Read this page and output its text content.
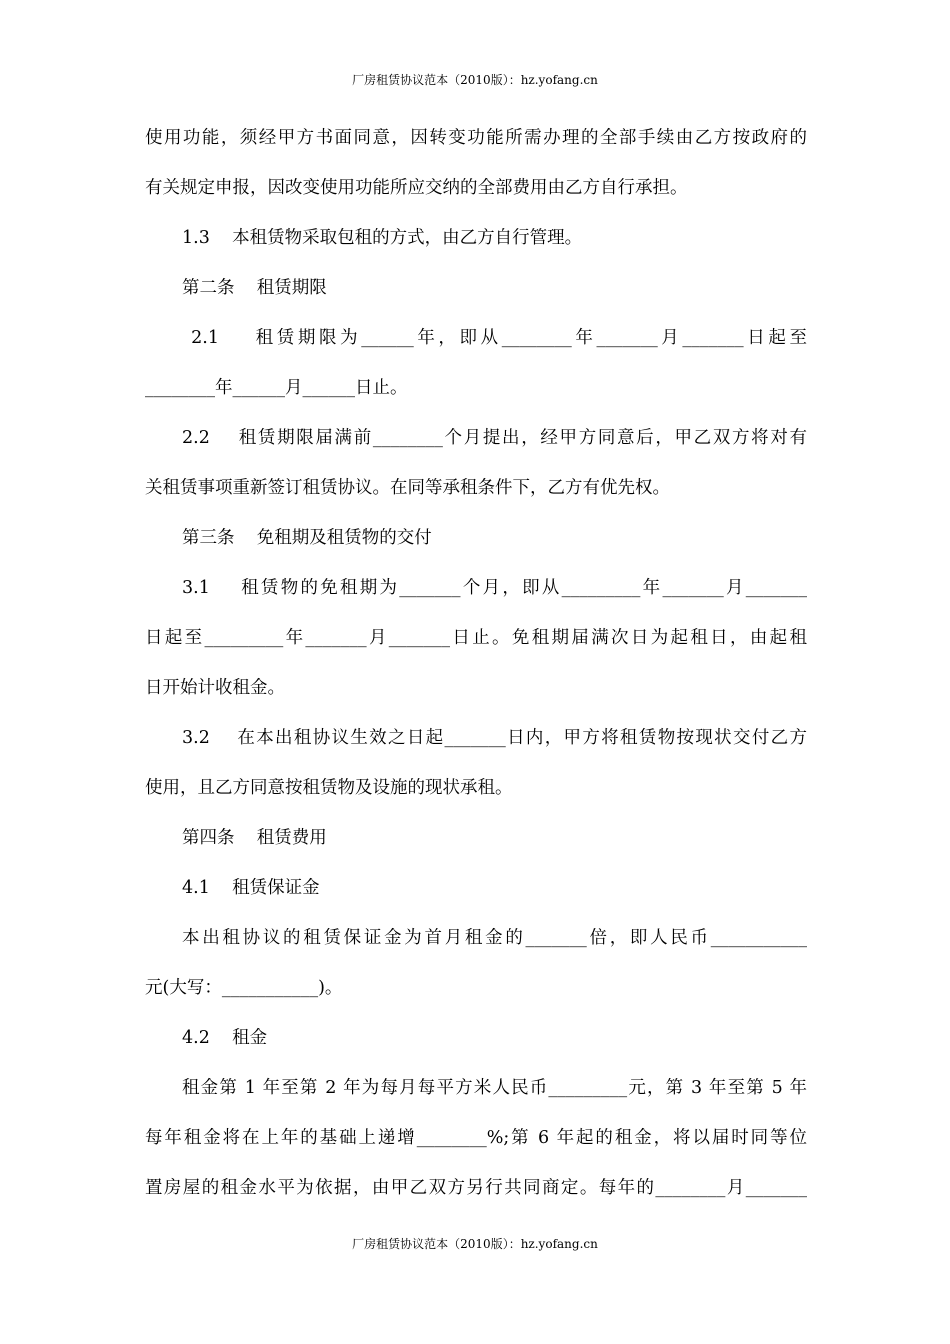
厂房租赁协议范本（2010版）：hz.yofang.cn
使用功能，须经甲方书面同意，因转变功能所需办理的全部手续由乙方按政府的
有关规定申报，因改变使用功能所应交纳的全部费用由乙方自行承担。
1.3    本租赁物采取包租的方式，由乙方自行管理。
第二条    租赁期限
2.1    租赁期限为______年，即从________年_______月_______日起至
________年______月______日止。
2.2    租赁期限届满前________个月提出，经甲方同意后，甲乙双方将对有
关租赁事项重新签订租赁协议。在同等承租条件下，乙方有优先权。
第三条    免租期及租赁物的交付
3.1    租赁物的免租期为_______个月，即从_________年_______月_______
日起至_________年_______月_______日止。免租期届满次日为起租日，由起租
日开始计收租金。
3.2    在本出租协议生效之日起_______日内，甲方将租赁物按现状交付乙方
使用，且乙方同意按租赁物及设施的现状承租。
第四条    租赁费用
4.1    租赁保证金
本出租协议的租赁保证金为首月租金的_______倍，即人民币___________
元(大写：___________)。
4.2    租金
租金第 1 年至第 2 年为每月每平方米人民币_________元，第 3 年至第 5 年
每年租金将在上年的基础上递增________%;第 6 年起的租金，将以届时同等位
置房屋的租金水平为依据，由甲乙双方另行共同商定。每年的________月_______
厂房租赁协议范本（2010版）：hz.yofang.cn
